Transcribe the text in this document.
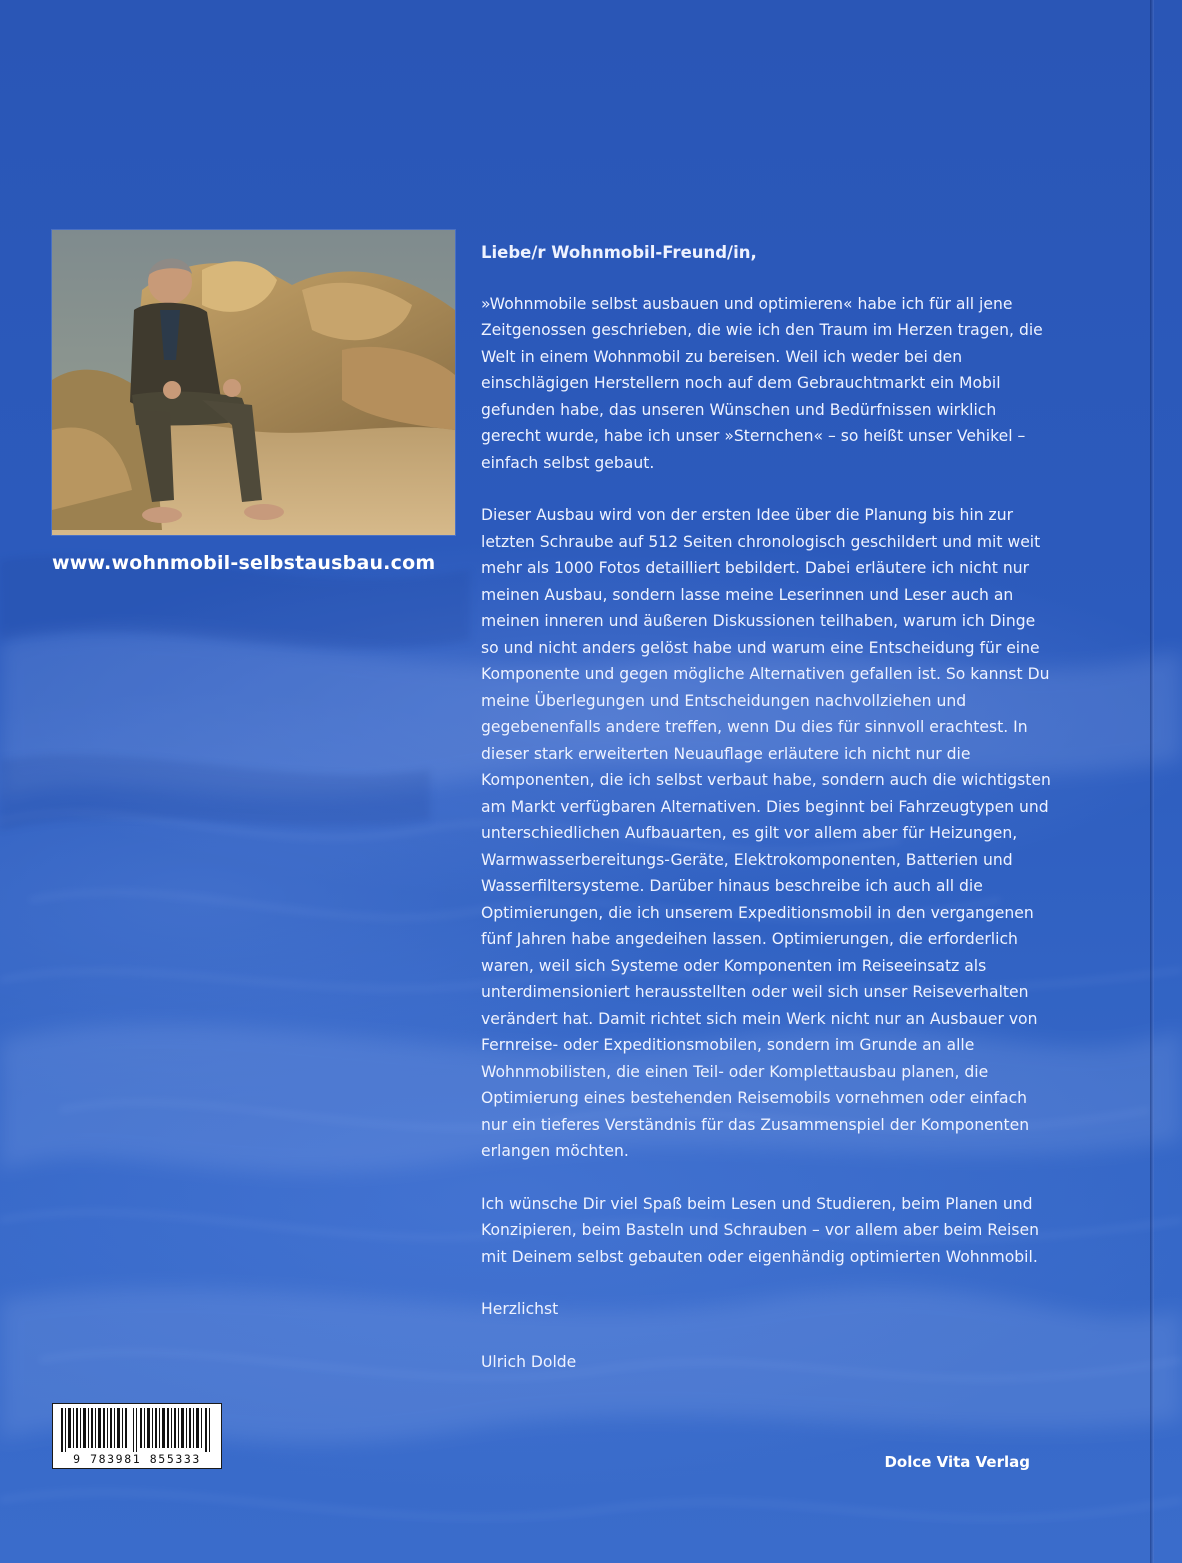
www.wohnmobil-selbstausbau.com

Liebe/r Wohnmobil-Freund/in,

»Wohnmobile selbst ausbauen und optimieren« habe ich für all jene Zeitgenossen geschrieben, die wie ich den Traum im Herzen tragen, die Welt in einem Wohnmobil zu bereisen. Weil ich weder bei den einschlägigen Herstellern noch auf dem Gebrauchtmarkt ein Mobil gefunden habe, das unseren Wünschen und Bedürfnissen wirklich gerecht wurde, habe ich unser »Sternchen« – so heißt unser Vehikel – einfach selbst gebaut.

Dieser Ausbau wird von der ersten Idee über die Planung bis hin zur letzten Schraube auf 512 Seiten chronologisch geschildert und mit weit mehr als 1000 Fotos detailliert bebildert. Dabei erläutere ich nicht nur meinen Ausbau, sondern lasse meine Leserinnen und Leser auch an meinen inneren und äußeren Diskussionen teilhaben, warum ich Dinge so und nicht anders gelöst habe und warum eine Entscheidung für eine Komponente und gegen mögliche Alternativen gefallen ist. So kannst Du meine Überlegungen und Entscheidungen nachvollziehen und gegebenenfalls andere treffen, wenn Du dies für sinnvoll erachtest. In dieser stark erweiterten Neuauflage erläutere ich nicht nur die Komponenten, die ich selbst verbaut habe, sondern auch die wichtigsten am Markt verfügbaren Alternativen. Dies beginnt bei Fahrzeugtypen und unterschiedlichen Aufbauarten, es gilt vor allem aber für Heizungen, Warmwasserbereitungs-Geräte, Elektrokomponenten, Batterien und Wasserfiltersysteme. Darüber hinaus beschreibe ich auch all die Optimierungen, die ich unserem Expeditionsmobil in den vergangenen fünf Jahren habe angedeihen lassen. Optimierungen, die erforderlich waren, weil sich Systeme oder Komponenten im Reiseeinsatz als unterdimensioniert herausstellten oder weil sich unser Reiseverhalten verändert hat. Damit richtet sich mein Werk nicht nur an Ausbauer von Fernreise- oder Expeditionsmobilen, sondern im Grunde an alle Wohnmobilisten, die einen Teil- oder Komplettausbau planen, die Optimierung eines bestehenden Reisemobils vornehmen oder einfach nur ein tieferes Verständnis für das Zusammenspiel der Komponenten erlangen möchten.

Ich wünsche Dir viel Spaß beim Lesen und Studieren, beim Planen und Konzipieren, beim Basteln und Schrauben – vor allem aber beim Reisen mit Deinem selbst gebauten oder eigenhändig optimierten Wohnmobil.

Herzlichst

Ulrich Dolde

9 783981 855333	Dolce Vita Verlag
